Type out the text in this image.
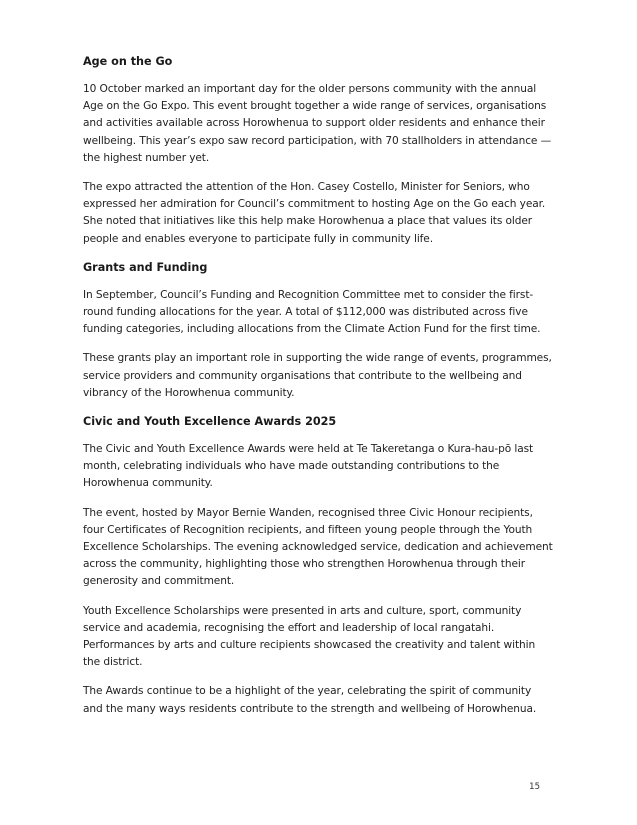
Age on the Go

10 October marked an important day for the older persons community with the annual Age on the Go Expo. This event brought together a wide range of services, organisations and activities available across Horowhenua to support older residents and enhance their wellbeing. This year’s expo saw record participation, with 70 stallholders in attendance — the highest number yet.

The expo attracted the attention of the Hon. Casey Costello, Minister for Seniors, who expressed her admiration for Council’s commitment to hosting Age on the Go each year. She noted that initiatives like this help make Horowhenua a place that values its older people and enables everyone to participate fully in community life.

Grants and Funding

In September, Council’s Funding and Recognition Committee met to consider the first-round funding allocations for the year. A total of $112,000 was distributed across five funding categories, including allocations from the Climate Action Fund for the first time.

These grants play an important role in supporting the wide range of events, programmes, service providers and community organisations that contribute to the wellbeing and vibrancy of the Horowhenua community.

Civic and Youth Excellence Awards 2025

The Civic and Youth Excellence Awards were held at Te Takeretanga o Kura-hau-pō last month, celebrating individuals who have made outstanding contributions to the Horowhenua community.

The event, hosted by Mayor Bernie Wanden, recognised three Civic Honour recipients, four Certificates of Recognition recipients, and fifteen young people through the Youth Excellence Scholarships. The evening acknowledged service, dedication and achievement across the community, highlighting those who strengthen Horowhenua through their generosity and commitment.

Youth Excellence Scholarships were presented in arts and culture, sport, community service and academia, recognising the effort and leadership of local rangatahi. Performances by arts and culture recipients showcased the creativity and talent within the district.

The Awards continue to be a highlight of the year, celebrating the spirit of community and the many ways residents contribute to the strength and wellbeing of Horowhenua.

15
